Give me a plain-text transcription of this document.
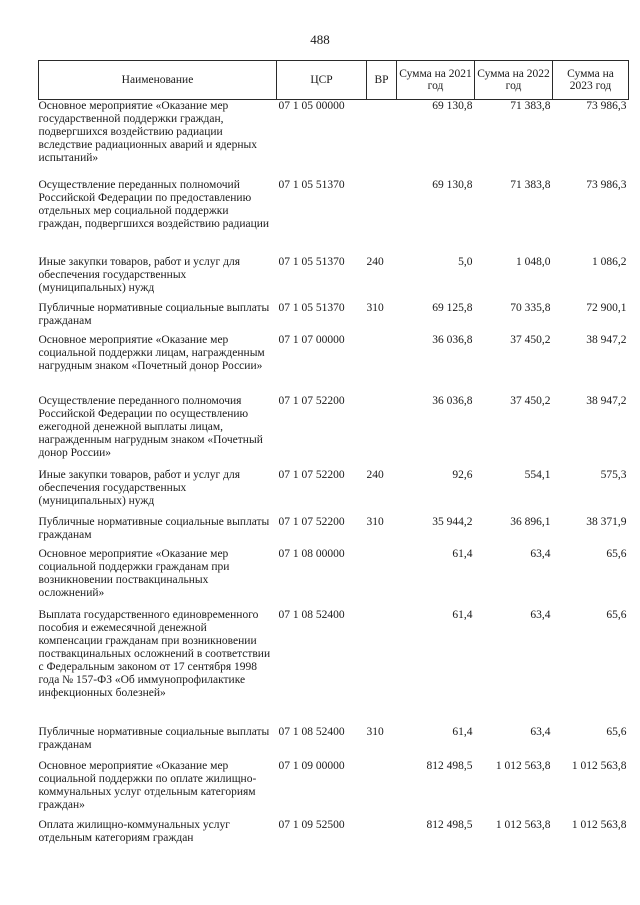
488
Наименование	ЦСР	ВР	Сумма на 2021 год	Сумма на 2022 год	Сумма на 2023 год
Основное мероприятие «Оказание мер государственной поддержки граждан, подвергшихся воздействию радиации вследствие радиационных аварий и ядерных испытаний»	07 1 05 00000		69 130,8	71 383,8	73 986,3
Осуществление переданных полномочий Российской Федерации по предоставлению отдельных мер социальной поддержки граждан, подвергшихся воздействию радиации	07 1 05 51370		69 130,8	71 383,8	73 986,3
Иные закупки товаров, работ и услуг для обеспечения государственных (муниципальных) нужд	07 1 05 51370	240	5,0	1 048,0	1 086,2
Публичные нормативные социальные выплаты гражданам	07 1 05 51370	310	69 125,8	70 335,8	72 900,1
Основное мероприятие «Оказание мер социальной поддержки лицам, награжденным нагрудным знаком «Почетный донор России»	07 1 07 00000		36 036,8	37 450,2	38 947,2
Осуществление переданного полномочия Российской Федерации по осуществлению ежегодной денежной выплаты лицам, награжденным нагрудным знаком «Почетный донор России»	07 1 07 52200		36 036,8	37 450,2	38 947,2
Иные закупки товаров, работ и услуг для обеспечения государственных (муниципальных) нужд	07 1 07 52200	240	92,6	554,1	575,3
Публичные нормативные социальные выплаты гражданам	07 1 07 52200	310	35 944,2	36 896,1	38 371,9
Основное мероприятие «Оказание мер социальной поддержки гражданам при возникновении поствакцинальных осложнений»	07 1 08 00000		61,4	63,4	65,6
Выплата государственного единовременного пособия и ежемесячной денежной компенсации гражданам при возникновении поствакцинальных осложнений в соответствии с Федеральным законом от 17 сентября 1998 года № 157-ФЗ «Об иммунопрофилактике инфекционных болезней»	07 1 08 52400		61,4	63,4	65,6
Публичные нормативные социальные выплаты гражданам	07 1 08 52400	310	61,4	63,4	65,6
Основное мероприятие «Оказание мер социальной поддержки по оплате жилищно-коммунальных услуг отдельным категориям граждан»	07 1 09 00000		812 498,5	1 012 563,8	1 012 563,8
Оплата жилищно-коммунальных услуг отдельным категориям граждан	07 1 09 52500		812 498,5	1 012 563,8	1 012 563,8
